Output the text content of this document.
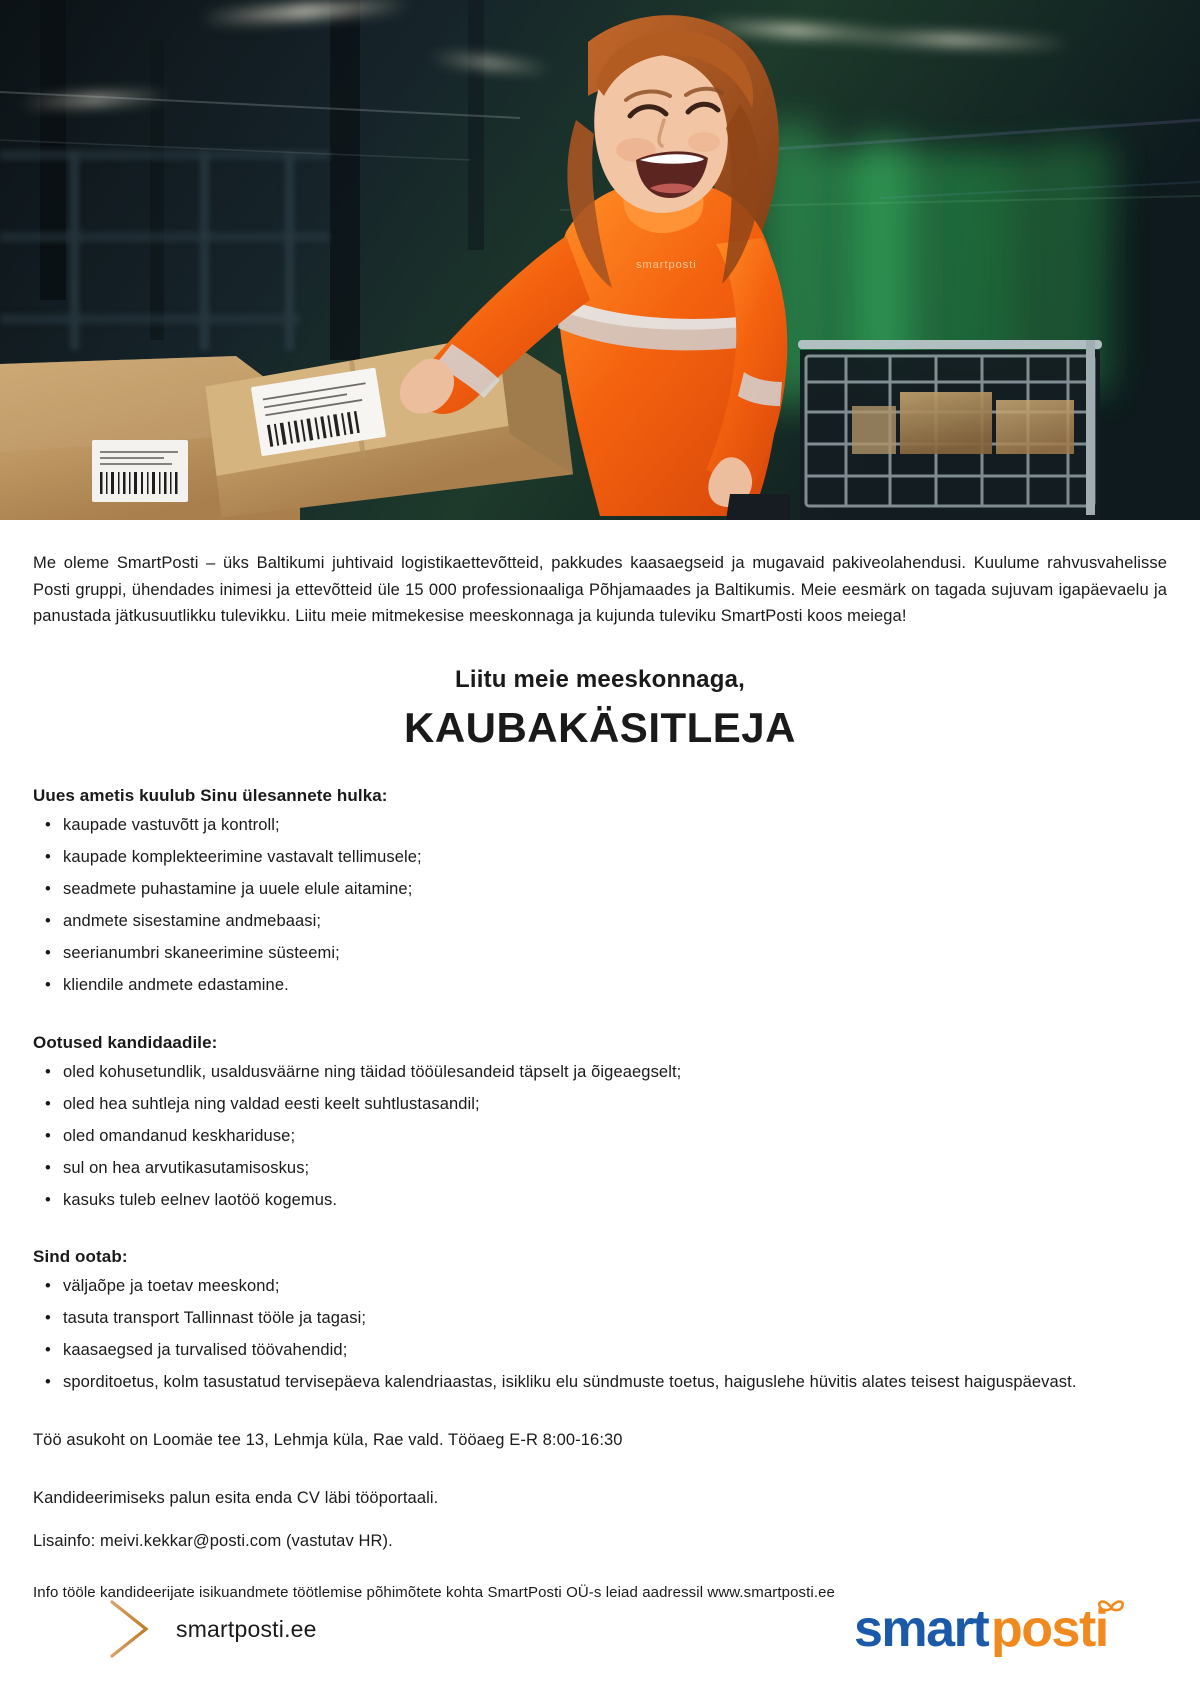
smartposti

Me oleme SmartPosti – üks Baltikumi juhtivaid logistikaettevõtteid, pakkudes kaasaegseid ja mugavaid pakiveolahendusi. Kuulume rahvusvahelisse Posti gruppi, ühendades inimesi ja ettevõtteid üle 15 000 professionaaliga Põhjamaades ja Baltikumis. Meie eesmärk on tagada sujuvam igapäevaelu ja panustada jätkusuutlikku tulevikku. Liitu meie mitmekesise meeskonnaga ja kujunda tuleviku SmartPosti koos meiega!

Liitu meie meeskonnaga,
KAUBAKÄSITLEJA
Uues ametis kuulub Sinu ülesannete hulka:
• kaupade vastuvõtt ja kontroll;
• kaupade komplekteerimine vastavalt tellimusele;
• seadmete puhastamine ja uuele elule aitamine;
• andmete sisestamine andmebaasi;
• seerianumbri skaneerimine süsteemi;
• kliendile andmete edastamine.
Ootused kandidaadile:
• oled kohusetundlik, usaldusväärne ning täidad tööülesandeid täpselt ja õigeaegselt;
• oled hea suhtleja ning valdad eesti keelt suhtlustasandil;
• oled omandanud keskhariduse;
• sul on hea arvutikasutamisoskus;
• kasuks tuleb eelnev laotöö kogemus.
Sind ootab:
• väljaõpe ja toetav meeskond;
• tasuta transport Tallinnast tööle ja tagasi;
• kaasaegsed ja turvalised töövahendid;
• sporditoetus, kolm tasustatud tervisepäeva kalendriaastas, isikliku elu sündmuste toetus, haiguslehe hüvitis alates teisest haiguspäevast.

Töö asukoht on Loomäe tee 13, Lehmja küla, Rae vald. Tööaeg E-R 8:00-16:30

Kandideerimiseks palun esita enda CV läbi tööportaali.

Lisainfo: meivi.kekkar@posti.com (vastutav HR).

Info tööle kandideerijate isikuandmete töötlemise põhimõtete kohta SmartPosti OÜ-s leiad aadressil www.smartposti.ee

smartposti.ee	smart posti
